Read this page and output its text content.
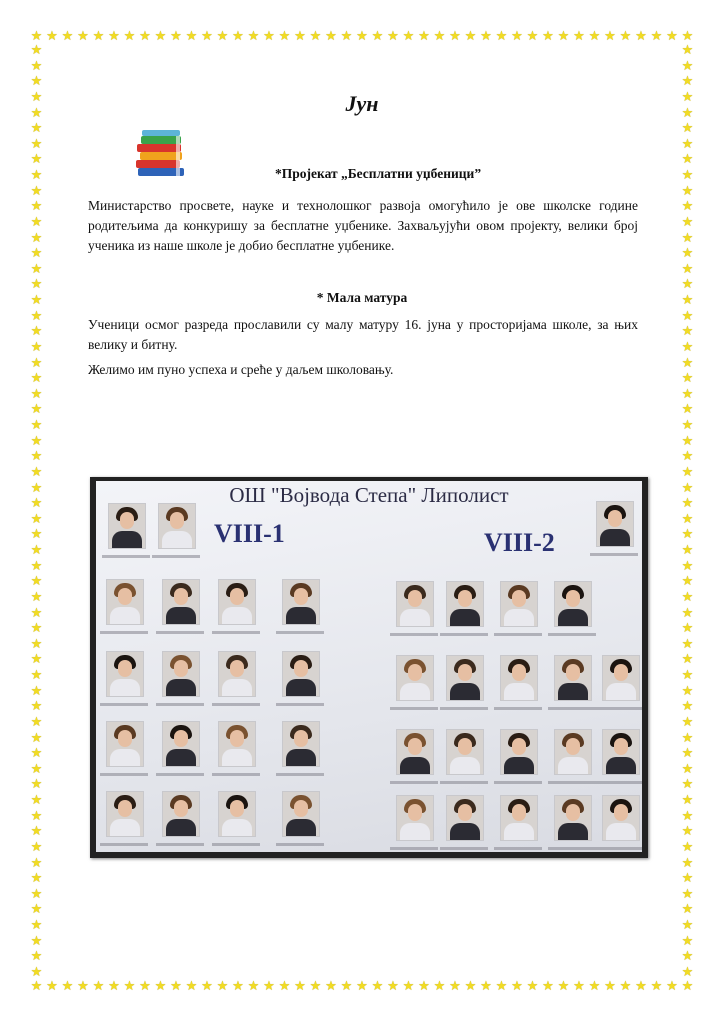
★ ★ ★ ★ ★ ★ ★ ★ ★ ★ ★ ★ ★ ★ ★ ★ ★ ★ ★ ★ ★ ★ ★ ★ ★ ★ ★ ★ ★ ★ ★ ★ ★ ★ ★ ★ ★ ★ ★ ★ ★ ★ ★
★ ★ ★ ★ ★ ★ ★ ★ ★ ★ ★ ★ ★ ★ ★ ★ ★ ★ ★ ★ ★ ★ ★ ★ ★ ★ ★ ★ ★ ★ ★ ★ ★ ★ ★ ★ ★ ★ ★ ★ ★ ★ ★
★
★
★
★
★
★
★
★
★
★
★
★
★
★
★
★
★
★
★
★
★
★
★
★
★
★
★
★
★
★
★
★
★
★
★
★
★
★
★
★
★
★
★
★
★
★
★
★
★
★
★
★
★
★
★
★
★
★
★
★
★
★
★
★
★
★
★
★
★
★
★
★
★
★
★
★
★
★
★
★
★
★
★
★
★
★
★
★
★
★
★
★
★
★
★
★
★
★
★
★
★
★
★
★
★
★
★
★
★
★
★
★
★
★
★
★
★
★
★
★
Јун
*Пројекат „Бесплатни уџбеници”

Министарство просвете, науке и технолошког развоја омогућило је ове школске године родитељима да конкуришу за бесплатне уџбенике. Захваљујући овом пројекту, велики број ученика из наше школе је добио бесплатне уџбенике.

* Мала матура

Ученици осмог разреда прославили су малу матуру 16. јуна у просторијама школе, за њих велику и битну.

Желимо им пуно успеха и среће у даљем школовању.

ОШ "Војвода Степа" Липолист
VIII-1	VIII-2
